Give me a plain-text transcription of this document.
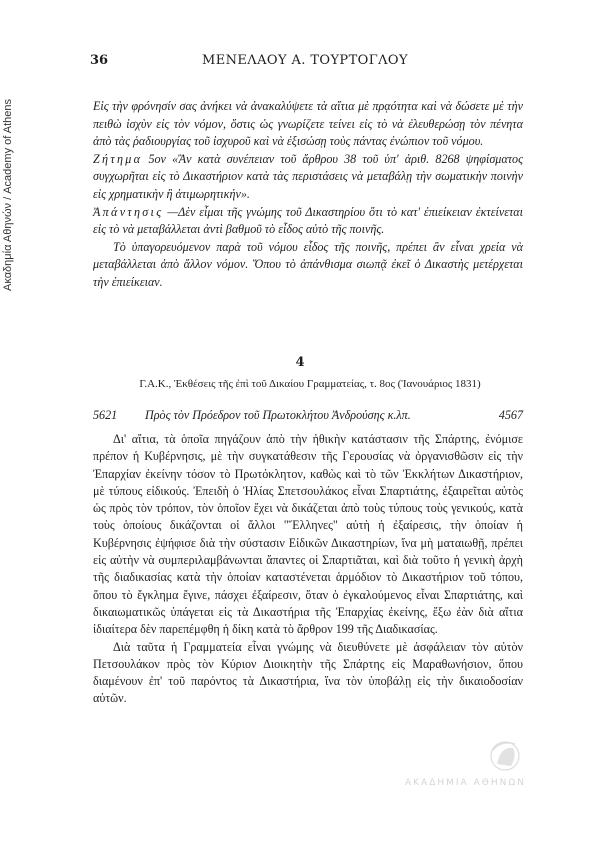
Ακαδημία Αθηνών / Academy of Athens
36	ΜΕΝΕΛΑΟΥ Α. ΤΟΥΡΤΟΓΛΟΥ

Εἰς τὴν φρόνησίν σας ἀνήκει νὰ ἀνακαλύψετε τὰ αἴτια μὲ πρᾳότητα καὶ νὰ δώσετε μὲ τὴν πειθὼ ἰσχὺν εἰς τὸν νόμον, ὅστις ὡς γνωρίζετε τείνει εἰς τὸ νὰ ἐλευθερώσῃ τὸν πένητα ἀπὸ τὰς ῥαδιουργίας τοῦ ἰσχυροῦ καὶ νὰ ἐξισώσῃ τοὺς πάντας ἐνώπιον τοῦ νόμου.

Ζήτημα 5ον «Ἂν κατὰ συνέπειαν τοῦ ἄρθρου 38 τοῦ ὑπ' ἀριθ. 8268 ψηφίσματος συγχωρῆται εἰς τὸ Δικαστήριον κατὰ τὰς περιστάσεις νὰ μεταβάλῃ τὴν σωματικὴν ποινὴν εἰς χρηματικὴν ἢ ἀτιμωρητικήν».

Ἀπάντησις —Δὲν εἶμαι τῆς γνώμης τοῦ Δικαστηρίου ὅτι τὸ κατ' ἐπιείκειαν ἐκτείνεται εἰς τὸ νὰ μεταβάλλεται ἀντὶ βαθμοῦ τὸ εἶδος αὐτὸ τῆς ποινῆς.

Τὸ ὑπαγορευόμενον παρὰ τοῦ νόμου εἶδος τῆς ποινῆς, πρέπει ἂν εἶναι χρεία νὰ μεταβάλλεται ἀπὸ ἄλλον νόμον. Ὅπου τὸ ἀπάνθισμα σιωπᾷ ἐκεῖ ὁ Δικαστὴς μετέρχεται τὴν ἐπιείκειαν.

4
Γ.Α.Κ., Ἐκθέσεις τῆς ἐπὶ τοῦ Δικαίου Γραμματείας, τ. 8ος (Ἰανουάριος 1831)
5621 Πρὸς τὸν Πρόεδρον τοῦ Πρωτοκλήτου Ἀνδρούσης κ.λπ.	4567

Δι' αἴτια, τὰ ὁποῖα πηγάζουν ἀπὸ τὴν ἠθικὴν κατάστασιν τῆς Σπάρτης, ἐνόμισε πρέπον ἡ Κυβέρνησις, μὲ τὴν συγκατάθεσιν τῆς Γερουσίας νὰ ὀργανισθῶσιν εἰς τὴν Ἐπαρχίαν ἐκείνην τόσον τὸ Πρωτόκλητον, καθὼς καὶ τὸ τῶν Ἐκκλήτων Δικαστήριον, μὲ τύπους εἰδικούς. Ἐπειδὴ ὁ Ἠλίας Σπετσουλάκος εἶναι Σπαρτιάτης, ἐξαιρεῖται αὐτὸς ὡς πρὸς τὸν τρόπον, τὸν ὁποῖον ἔχει νὰ δικάζεται ἀπὸ τοὺς τύπους τοὺς γενικούς, κατὰ τοὺς ὁποίους δικάζονται οἱ ἄλλοι "Ἕλληνες" αὐτὴ ἡ ἐξαίρεσις, τὴν ὁποίαν ἡ Κυβέρνησις ἐψήφισε διὰ τὴν σύστασιν Εἰδικῶν Δικαστηρίων, ἵνα μὴ ματαιωθῇ, πρέπει εἰς αὐτὴν νὰ συμπεριλαμβάνωνται ἅπαντες οἱ Σπαρτιᾶται, καὶ διὰ τοῦτο ἡ γενικὴ ἀρχὴ τῆς διαδικασίας κατὰ τὴν ὁποίαν καταστένεται ἁρμόδιον τὸ Δικαστήριον τοῦ τόπου, ὅπου τὸ ἔγκλημα ἔγινε, πάσχει ἐξαίρεσιν, ὅταν ὁ ἐγκαλούμενος εἶναι Σπαρτιάτης, καὶ δικαιωματικῶς ὑπάγεται εἰς τὰ Δικαστήρια τῆς Ἐπαρχίας ἐκείνης, ἔξω ἐὰν διὰ αἴτια ἰδιαίτερα δὲν παρεπέμφθη ἡ δίκη κατὰ τὸ ἄρθρον 199 τῆς Διαδικασίας.

Διὰ ταῦτα ἡ Γραμματεία εἶναι γνώμης νὰ διευθύνετε μὲ ἀσφάλειαν τὸν αὐτὸν Πετσουλάκον πρὸς τὸν Κύριον Διοικητὴν τῆς Σπάρτης εἰς Μαραθωνήσιον, ὅπου διαμένουν ἐπ' τοῦ παρόντος τὰ Δικαστήρια, ἵνα τὸν ὑποβάλῃ εἰς τὴν δικαιοδοσίαν αὐτῶν.

ΑΚΑΔΗΜΙΑ ΑΘΗΝΩΝ
